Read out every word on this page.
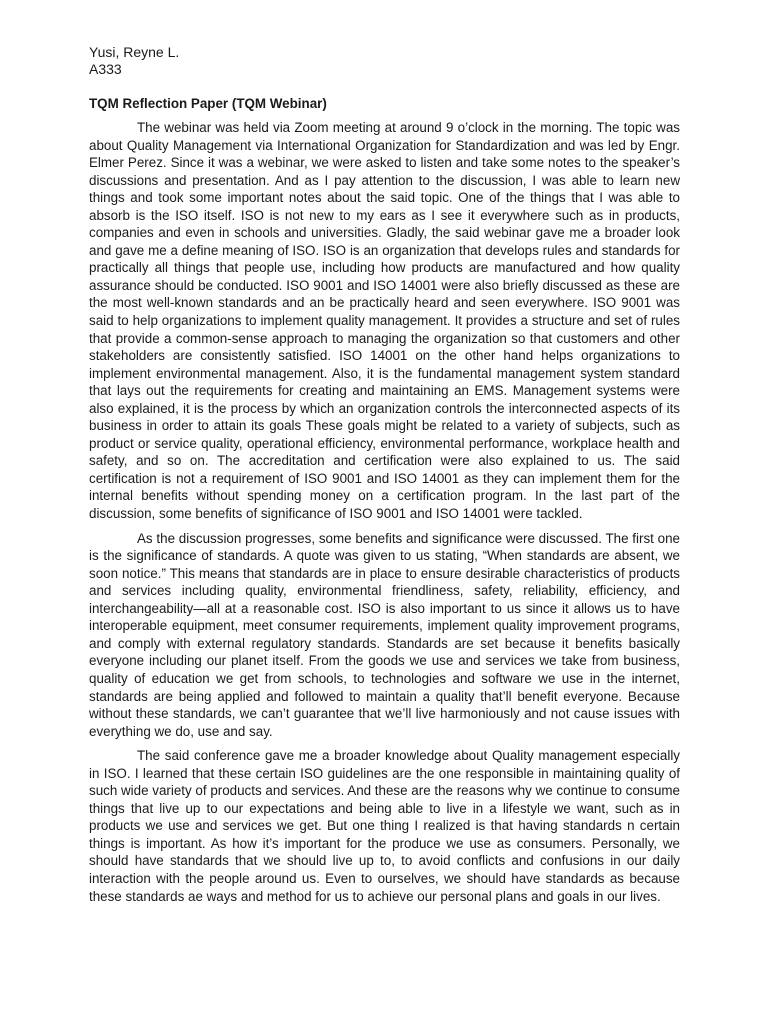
Yusi, Reyne L.
A333
TQM Reflection Paper (TQM Webinar)

The webinar was held via Zoom meeting at around 9 o’clock in the morning. The topic was about Quality Management via International Organization for Standardization and was led by Engr. Elmer Perez. Since it was a webinar, we were asked to listen and take some notes to the speaker’s discussions and presentation. And as I pay attention to the discussion, I was able to learn new things and took some important notes about the said topic. One of the things that I was able to absorb is the ISO itself. ISO is not new to my ears as I see it everywhere such as in products, companies and even in schools and universities. Gladly, the said webinar gave me a broader look and gave me a define meaning of ISO. ISO is an organization that develops rules and standards for practically all things that people use, including how products are manufactured and how quality assurance should be conducted. ISO 9001 and ISO 14001 were also briefly discussed as these are the most well-known standards and an be practically heard and seen everywhere. ISO 9001 was said to help organizations to implement quality management. It provides a structure and set of rules that provide a common-sense approach to managing the organization so that customers and other stakeholders are consistently satisfied. ISO 14001 on the other hand helps organizations to implement environmental management. Also, it is the fundamental management system standard that lays out the requirements for creating and maintaining an EMS. Management systems were also explained, it is the process by which an organization controls the interconnected aspects of its business in order to attain its goals These goals might be related to a variety of subjects, such as product or service quality, operational efficiency, environmental performance, workplace health and safety, and so on. The accreditation and certification were also explained to us. The said certification is not a requirement of ISO 9001 and ISO 14001 as they can implement them for the internal benefits without spending money on a certification program. In the last part of the discussion, some benefits of significance of ISO 9001 and ISO 14001 were tackled.

As the discussion progresses, some benefits and significance were discussed. The first one is the significance of standards. A quote was given to us stating, “When standards are absent, we soon notice.” This means that standards are in place to ensure desirable characteristics of products and services including quality, environmental friendliness, safety, reliability, efficiency, and interchangeability—all at a reasonable cost. ISO is also important to us since it allows us to have interoperable equipment, meet consumer requirements, implement quality improvement programs, and comply with external regulatory standards. Standards are set because it benefits basically everyone including our planet itself. From the goods we use and services we take from business, quality of education we get from schools, to technologies and software we use in the internet, standards are being applied and followed to maintain a quality that’ll benefit everyone. Because without these standards, we can’t guarantee that we’ll live harmoniously and not cause issues with everything we do, use and say.

The said conference gave me a broader knowledge about Quality management especially in ISO. I learned that these certain ISO guidelines are the one responsible in maintaining quality of such wide variety of products and services. And these are the reasons why we continue to consume things that live up to our expectations and being able to live in a lifestyle we want, such as in products we use and services we get. But one thing I realized is that having standards n certain things is important. As how it’s important for the produce we use as consumers. Personally, we should have standards that we should live up to, to avoid conflicts and confusions in our daily interaction with the people around us. Even to ourselves, we should have standards as because these standards ae ways and method for us to achieve our personal plans and goals in our lives.
